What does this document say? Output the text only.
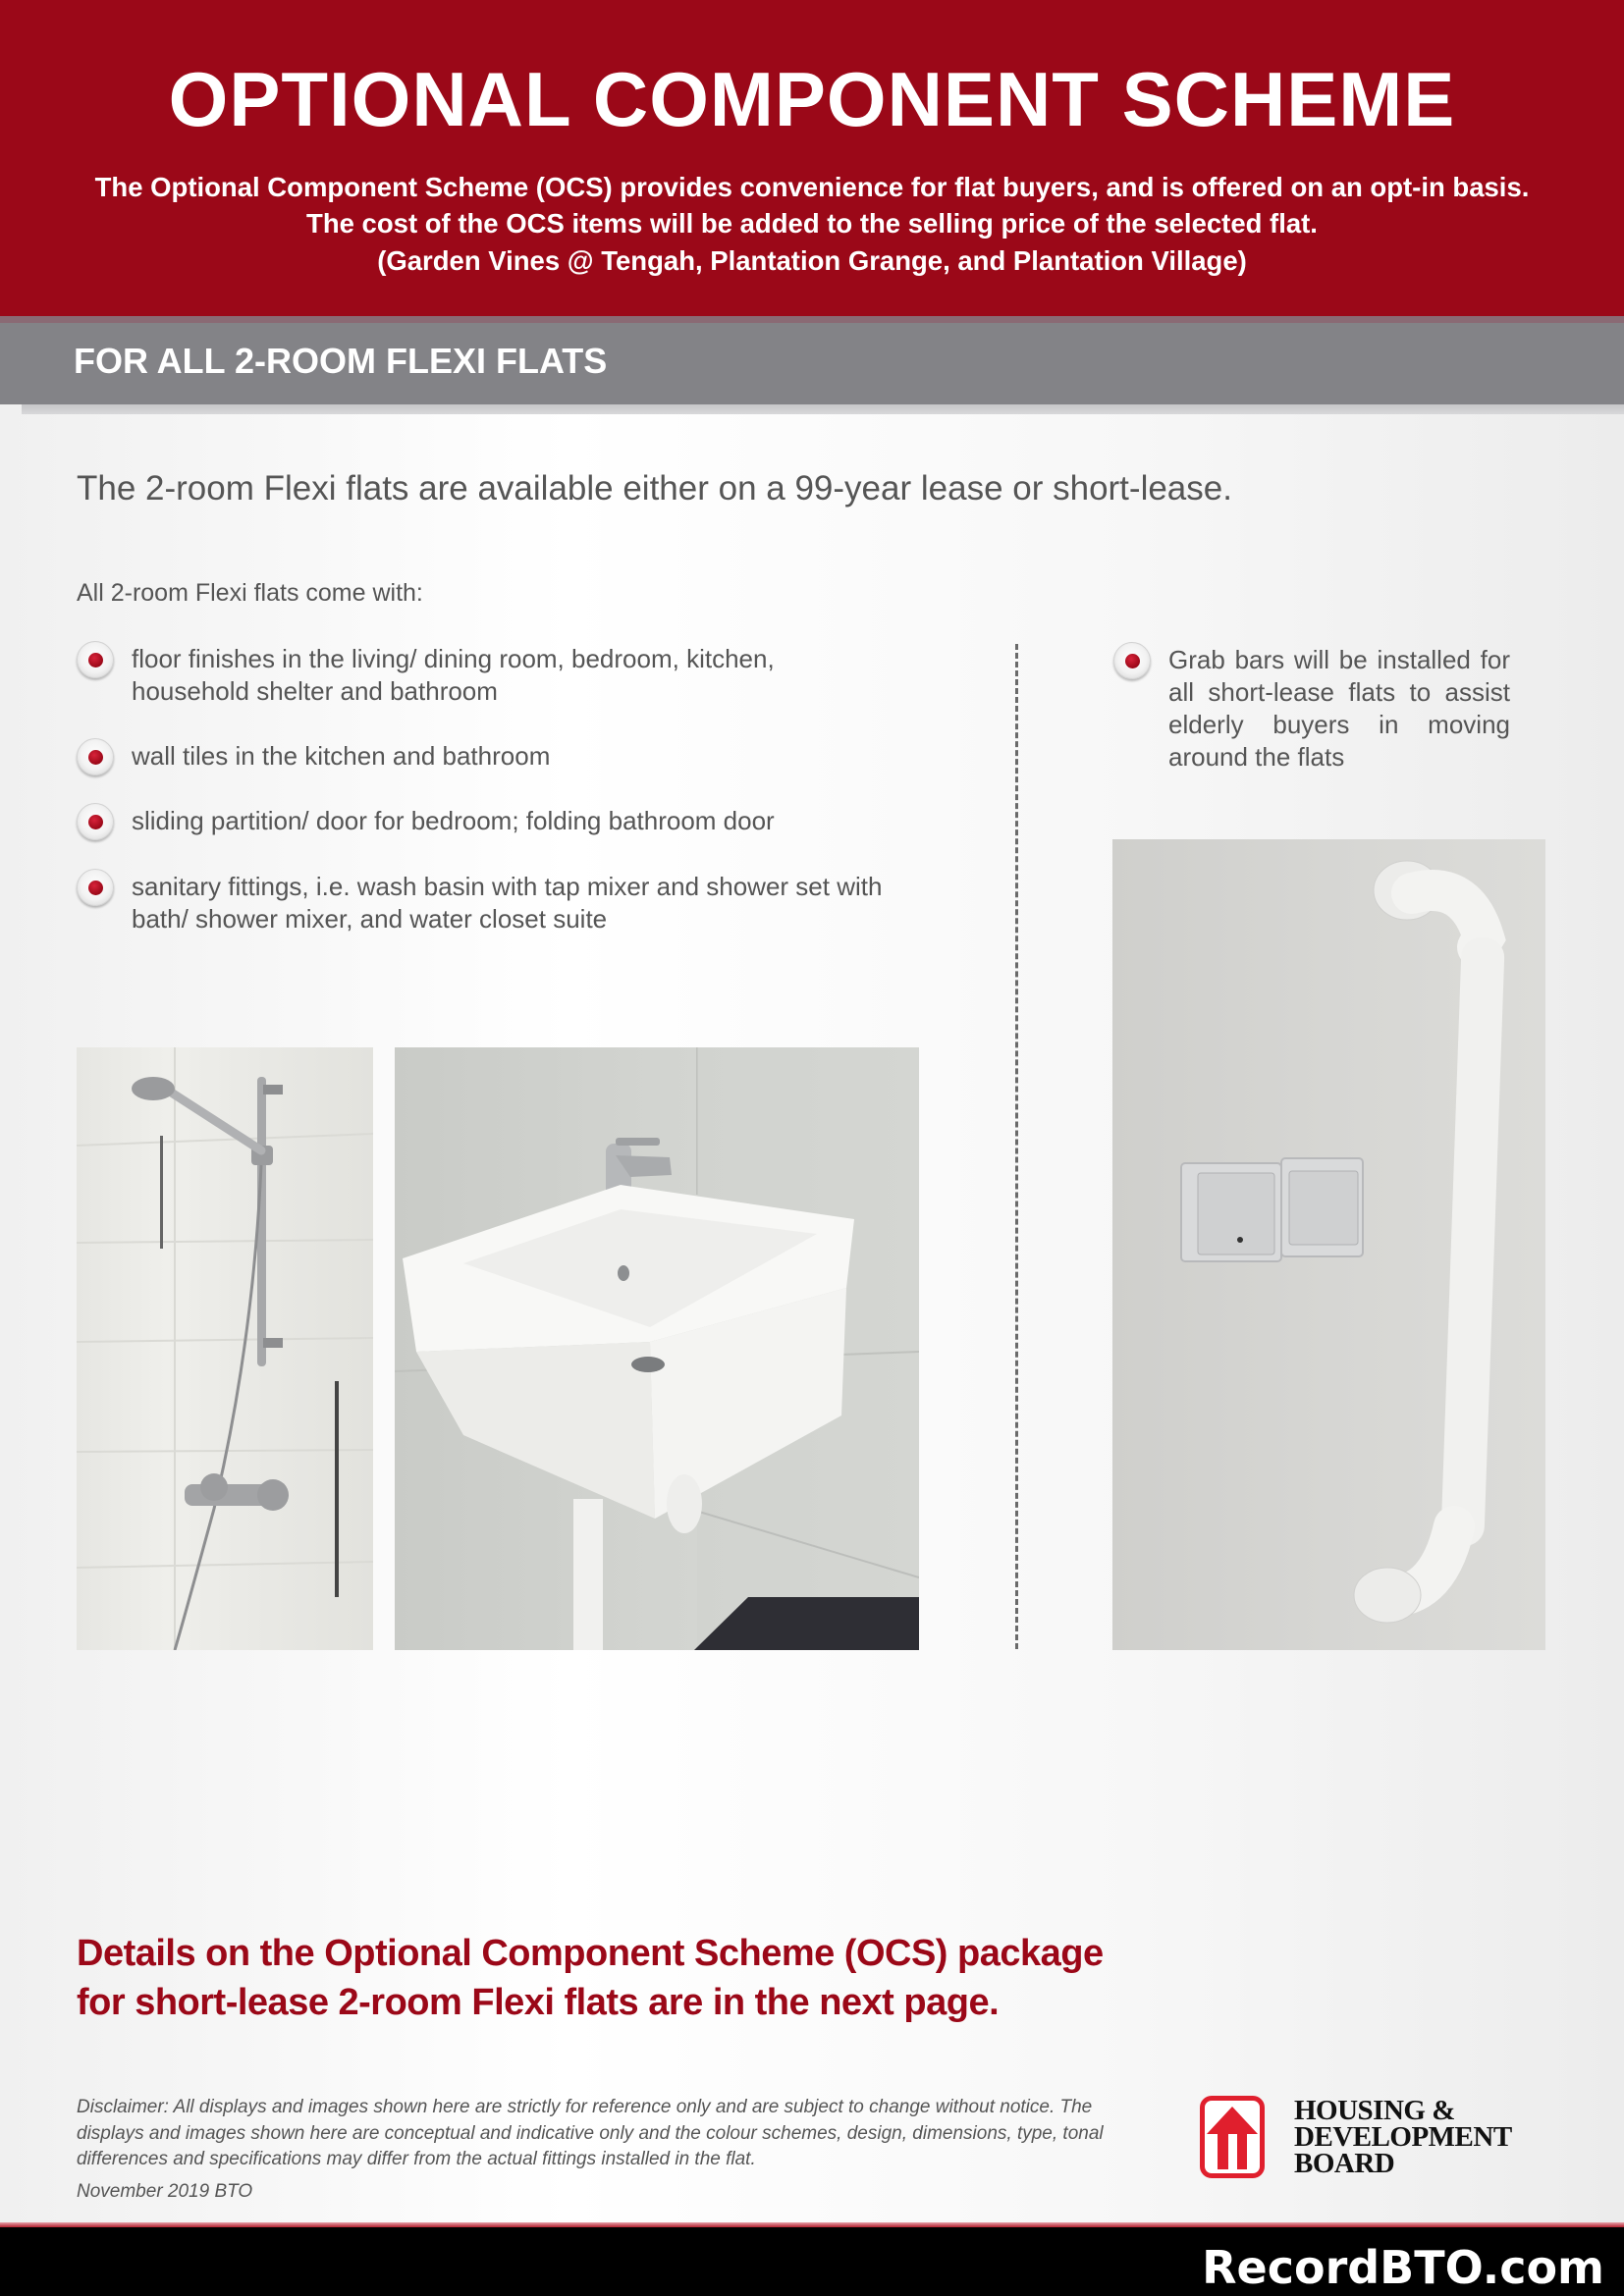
OPTIONAL COMPONENT SCHEME
The Optional Component Scheme (OCS) provides convenience for flat buyers, and is offered on an opt-in basis. The cost of the OCS items will be added to the selling price of the selected flat.
(Garden Vines @ Tengah, Plantation Grange, and Plantation Village)
FOR ALL 2-ROOM FLEXI FLATS
The 2-room Flexi flats are available either on a 99-year lease or short-lease.
All 2-room Flexi flats come with:
floor finishes in the living/ dining room, bedroom, kitchen, household shelter and bathroom
wall tiles in the kitchen and bathroom
sliding partition/ door for bedroom; folding bathroom door
sanitary fittings, i.e. wash basin with tap mixer and shower set with bath/ shower mixer, and water closet suite
Grab bars will be installed for all short-lease flats to assist elderly buyers in moving around the flats
Details on the Optional Component Scheme (OCS) package for short-lease 2-room Flexi flats are in the next page.
Disclaimer: All displays and images shown here are strictly for reference only and are subject to change without notice. The displays and images shown here are conceptual and indicative only and the colour schemes, design, dimensions, type, tonal differences and specifications may differ from the actual fittings installed in the flat.
November 2019 BTO
HOUSING &
DEVELOPMENT
BOARD
RecordBTO.com
